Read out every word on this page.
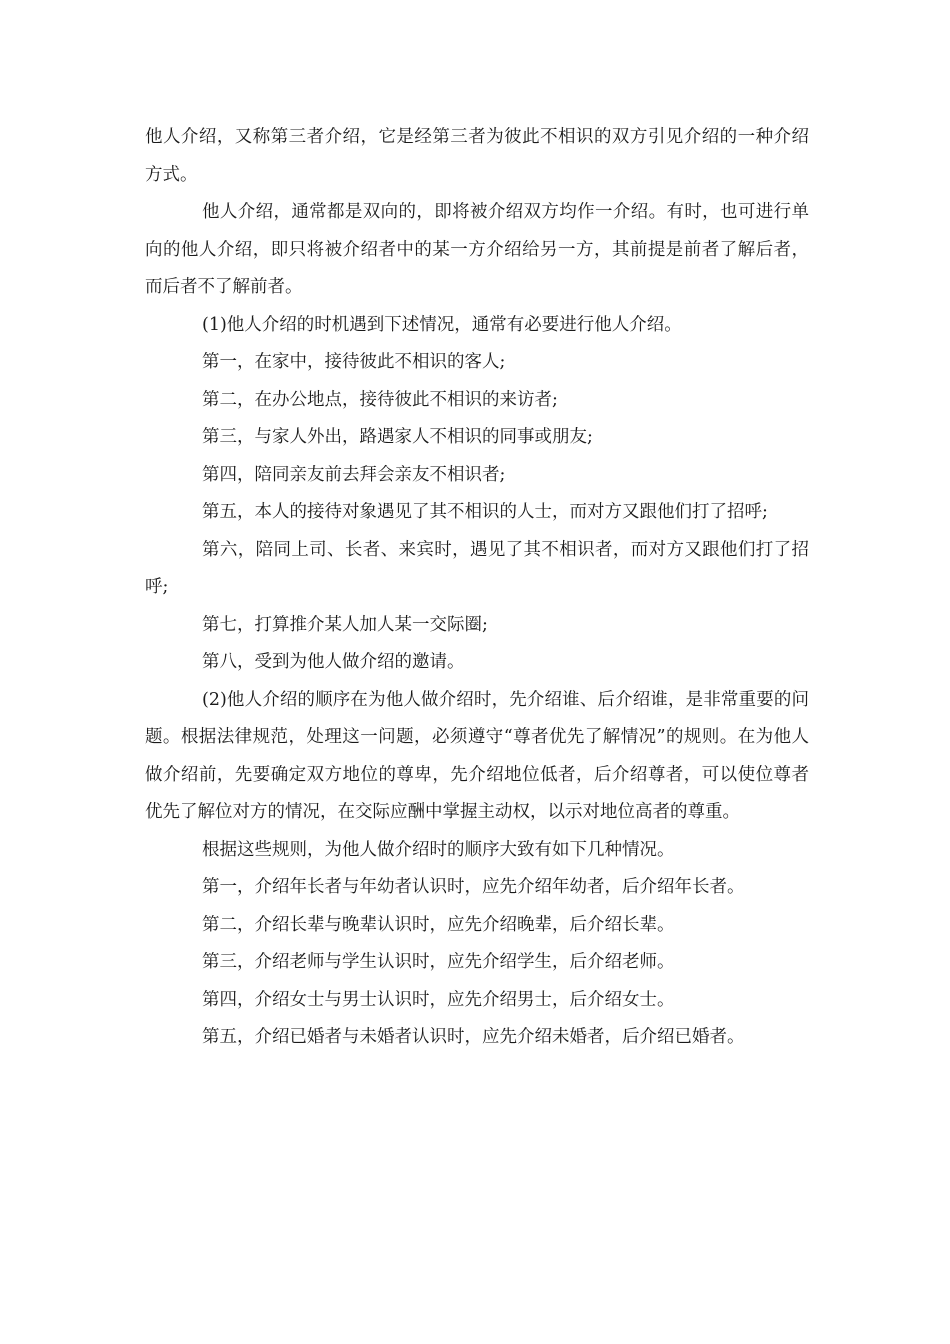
他人介绍，又称第三者介绍，它是经第三者为彼此不相识的双方引见介绍的一种介绍方式。

他人介绍，通常都是双向的，即将被介绍双方均作一介绍。有时，也可进行单向的他人介绍，即只将被介绍者中的某一方介绍给另一方，其前提是前者了解后者，而后者不了解前者。

(1)他人介绍的时机遇到下述情况，通常有必要进行他人介绍。

第一，在家中，接待彼此不相识的客人;

第二，在办公地点，接待彼此不相识的来访者;

第三，与家人外出，路遇家人不相识的同事或朋友;

第四，陪同亲友前去拜会亲友不相识者;

第五，本人的接待对象遇见了其不相识的人士，而对方又跟他们打了招呼;

第六，陪同上司、长者、来宾时，遇见了其不相识者，而对方又跟他们打了招呼;

第七，打算推介某人加人某一交际圈;

第八，受到为他人做介绍的邀请。

(2)他人介绍的顺序在为他人做介绍时，先介绍谁、后介绍谁，是非常重要的问题。根据法律规范，处理这一问题，必须遵守“尊者优先了解情况”的规则。在为他人做介绍前，先要确定双方地位的尊卑，先介绍地位低者，后介绍尊者，可以使位尊者优先了解位对方的情况，在交际应酬中掌握主动权，以示对地位高者的尊重。

根据这些规则，为他人做介绍时的顺序大致有如下几种情况。

第一，介绍年长者与年幼者认识时，应先介绍年幼者，后介绍年长者。

第二，介绍长辈与晚辈认识时，应先介绍晚辈，后介绍长辈。

第三，介绍老师与学生认识时，应先介绍学生，后介绍老师。

第四，介绍女士与男士认识时，应先介绍男士，后介绍女士。

第五，介绍已婚者与未婚者认识时，应先介绍未婚者，后介绍已婚者。
